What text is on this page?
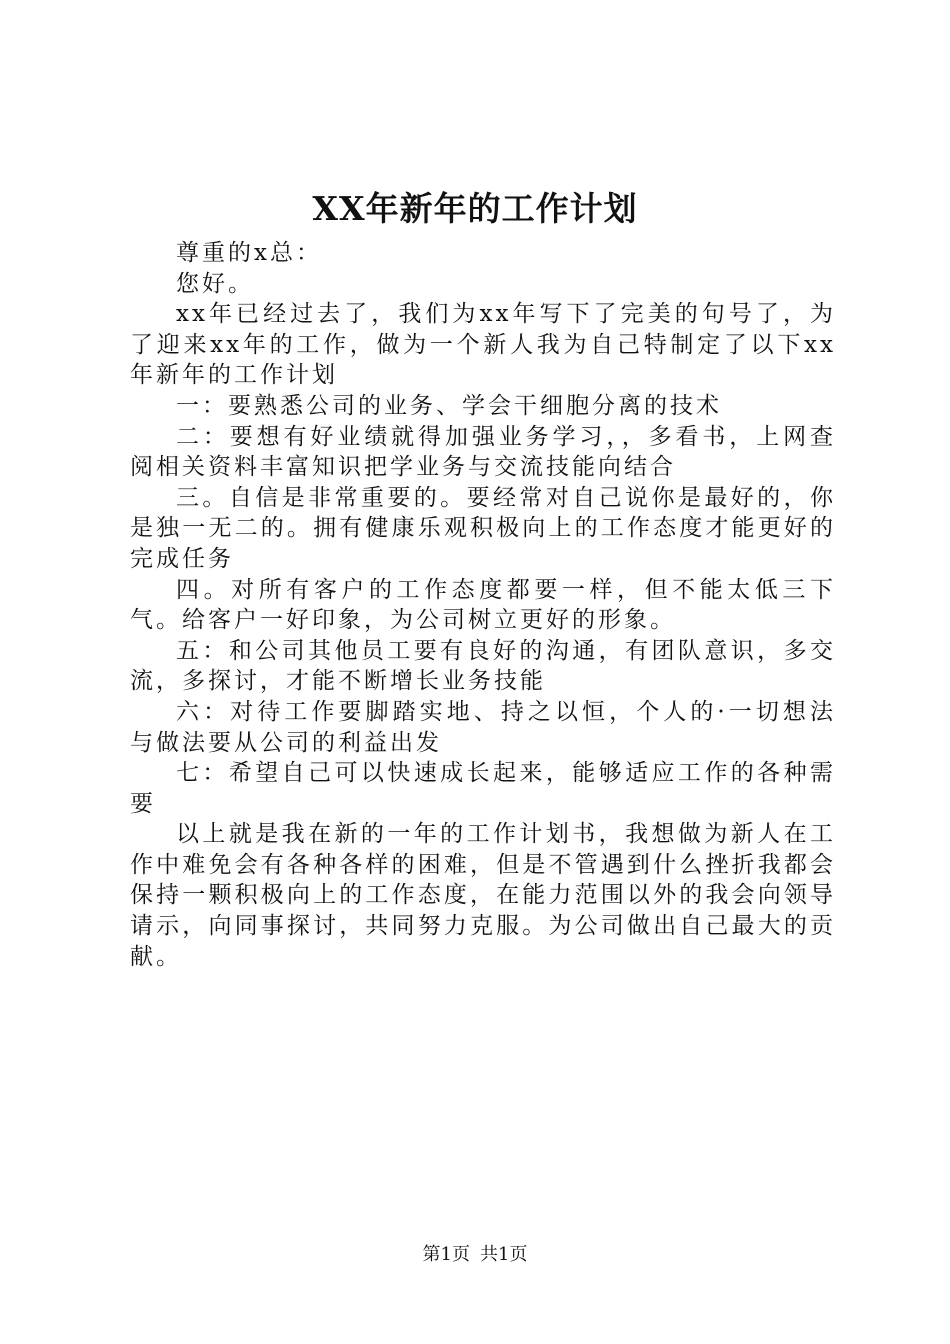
XX年新年的工作计划

尊重的x总：

您好。

xx年已经过去了，我们为xx年写下了完美的句号了，为了迎来xx年的工作，做为一个新人我为自己特制定了以下xx年新年的工作计划

一：要熟悉公司的业务、学会干细胞分离的技术

二：要想有好业绩就得加强业务学习，，多看书，上网查阅相关资料丰富知识把学业务与交流技能向结合

三。自信是非常重要的。要经常对自己说你是最好的，你是独一无二的。拥有健康乐观积极向上的工作态度才能更好的完成任务

四。对所有客户的工作态度都要一样，但不能太低三下气。给客户一好印象，为公司树立更好的形象。

五：和公司其他员工要有良好的沟通，有团队意识，多交流，多探讨，才能不断增长业务技能

六：对待工作要脚踏实地、持之以恒，个人的·一切想法与做法要从公司的利益出发

七：希望自己可以快速成长起来，能够适应工作的各种需要

以上就是我在新的一年的工作计划书，我想做为新人在工作中难免会有各种各样的困难，但是不管遇到什么挫折我都会保持一颗积极向上的工作态度，在能力范围以外的我会向领导请示，向同事探讨，共同努力克服。为公司做出自己最大的贡献。

第1页 共1页
